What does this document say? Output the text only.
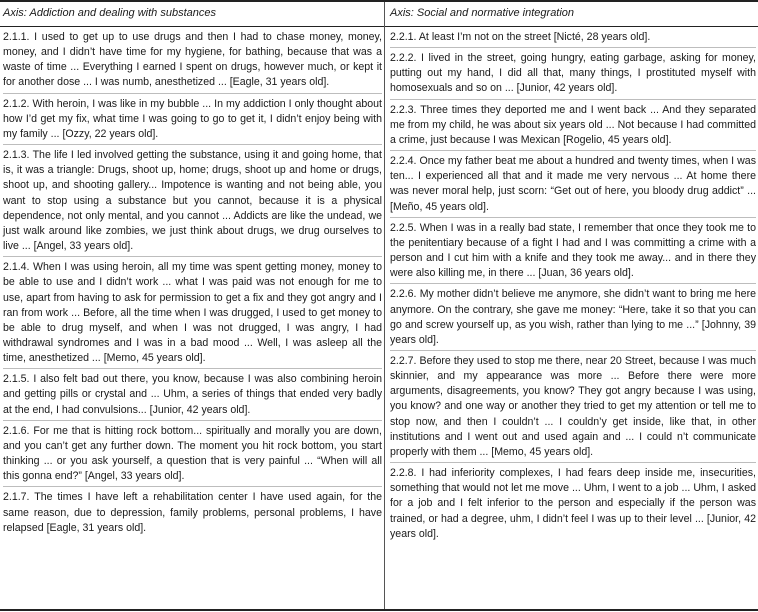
Axis: Addiction and dealing with substances

2.1.1. I used to get up to use drugs and then I had to chase money, money, money, and I didn’t have time for my hygiene, for bathing, because that was a waste of time ... Everything I earned I spent on drugs, however much, or kept it for another dose ... I was numb, anesthetized ... [Eagle, 31 years old].

2.1.2. With heroin, I was like in my bubble ... In my addiction I only thought about how I’d get my fix, what time I was going to go to get it, I didn’t enjoy being with my family ... [Ozzy, 22 years old].

2.1.3. The life I led involved getting the substance, using it and going home, that is, it was a triangle: Drugs, shoot up, home; drugs, shoot up and home or drugs, shoot up, and shooting gallery... Impotence is wanting and not being able, you want to stop using a substance but you cannot, because it is a physical dependence, not only mental, and you cannot ... Addicts are like the undead, we just walk around like zombies, we just think about drugs, we drug ourselves to live ... [Angel, 33 years old].

2.1.4. When I was using heroin, all my time was spent getting money, money to be able to use and I didn’t work ... what I was paid was not enough for me to use, apart from having to ask for permission to get a fix and they got angry and I ran from work ... Before, all the time when I was drugged, I used to get money to be able to drug myself, and when I was not drugged, I was angry, I had withdrawal syndromes and I was in a bad mood ... Well, I was asleep all the time, anesthetized ... [Memo, 45 years old].

2.1.5. I also felt bad out there, you know, because I was also combining heroin and getting pills or crystal and ... Uhm, a series of things that ended very badly at the end, I had convulsions... [Junior, 42 years old].

2.1.6. For me that is hitting rock bottom... spiritually and morally you are down, and you can’t get any further down. The moment you hit rock bottom, you start thinking ... or you ask yourself, a question that is very painful ... “When will all this gonna end?” [Angel, 33 years old].

2.1.7. The times I have left a rehabilitation center I have used again, for the same reason, due to depression, family problems, personal problems, I have relapsed [Eagle, 31 years old].

Axis: Social and normative integration

2.2.1. At least I’m not on the street [Nicté, 28 years old].

2.2.2. I lived in the street, going hungry, eating garbage, asking for money, putting out my hand, I did all that, many things, I prostituted myself with homosexuals and so on ... [Junior, 42 years old].

2.2.3. Three times they deported me and I went back ... And they separated me from my child, he was about six years old ... Not because I had committed a crime, just because I was Mexican [Rogelio, 45 years old].

2.2.4. Once my father beat me about a hundred and twenty times, when I was ten... I experienced all that and it made me very nervous ... At home there was never moral help, just scorn: “Get out of here, you bloody drug addict” ... [Meño, 45 years old].

2.2.5. When I was in a really bad state, I remember that once they took me to the penitentiary because of a fight I had and I was committing a crime with a person and I cut him with a knife and they took me away... and in there they were also killing me, in there ... [Juan, 36 years old].

2.2.6. My mother didn’t believe me anymore, she didn’t want to bring me here anymore. On the contrary, she gave me money: “Here, take it so that you can go and screw yourself up, as you wish, rather than lying to me ...” [Johnny, 39 years old].

2.2.7. Before they used to stop me there, near 20 Street, because I was much skinnier, and my appearance was more ... Before there were more arguments, disagreements, you know? They got angry because I was using, you know? and one way or another they tried to get my attention or tell me to stop now, and then I couldn’t ... I couldn’y get inside, like that, in other institutions and I went out and used again and ... I could n’t communicate properly with them ... [Memo, 45 years old].

2.2.8. I had inferiority complexes, I had fears deep inside me, insecurities, something that would not let me move ... Uhm, I went to a job ... Uhm, I asked for a job and I felt inferior to the person and especially if the person was trained, or had a degree, uhm, I didn’t feel I was up to their level ... [Junior, 42 years old].
